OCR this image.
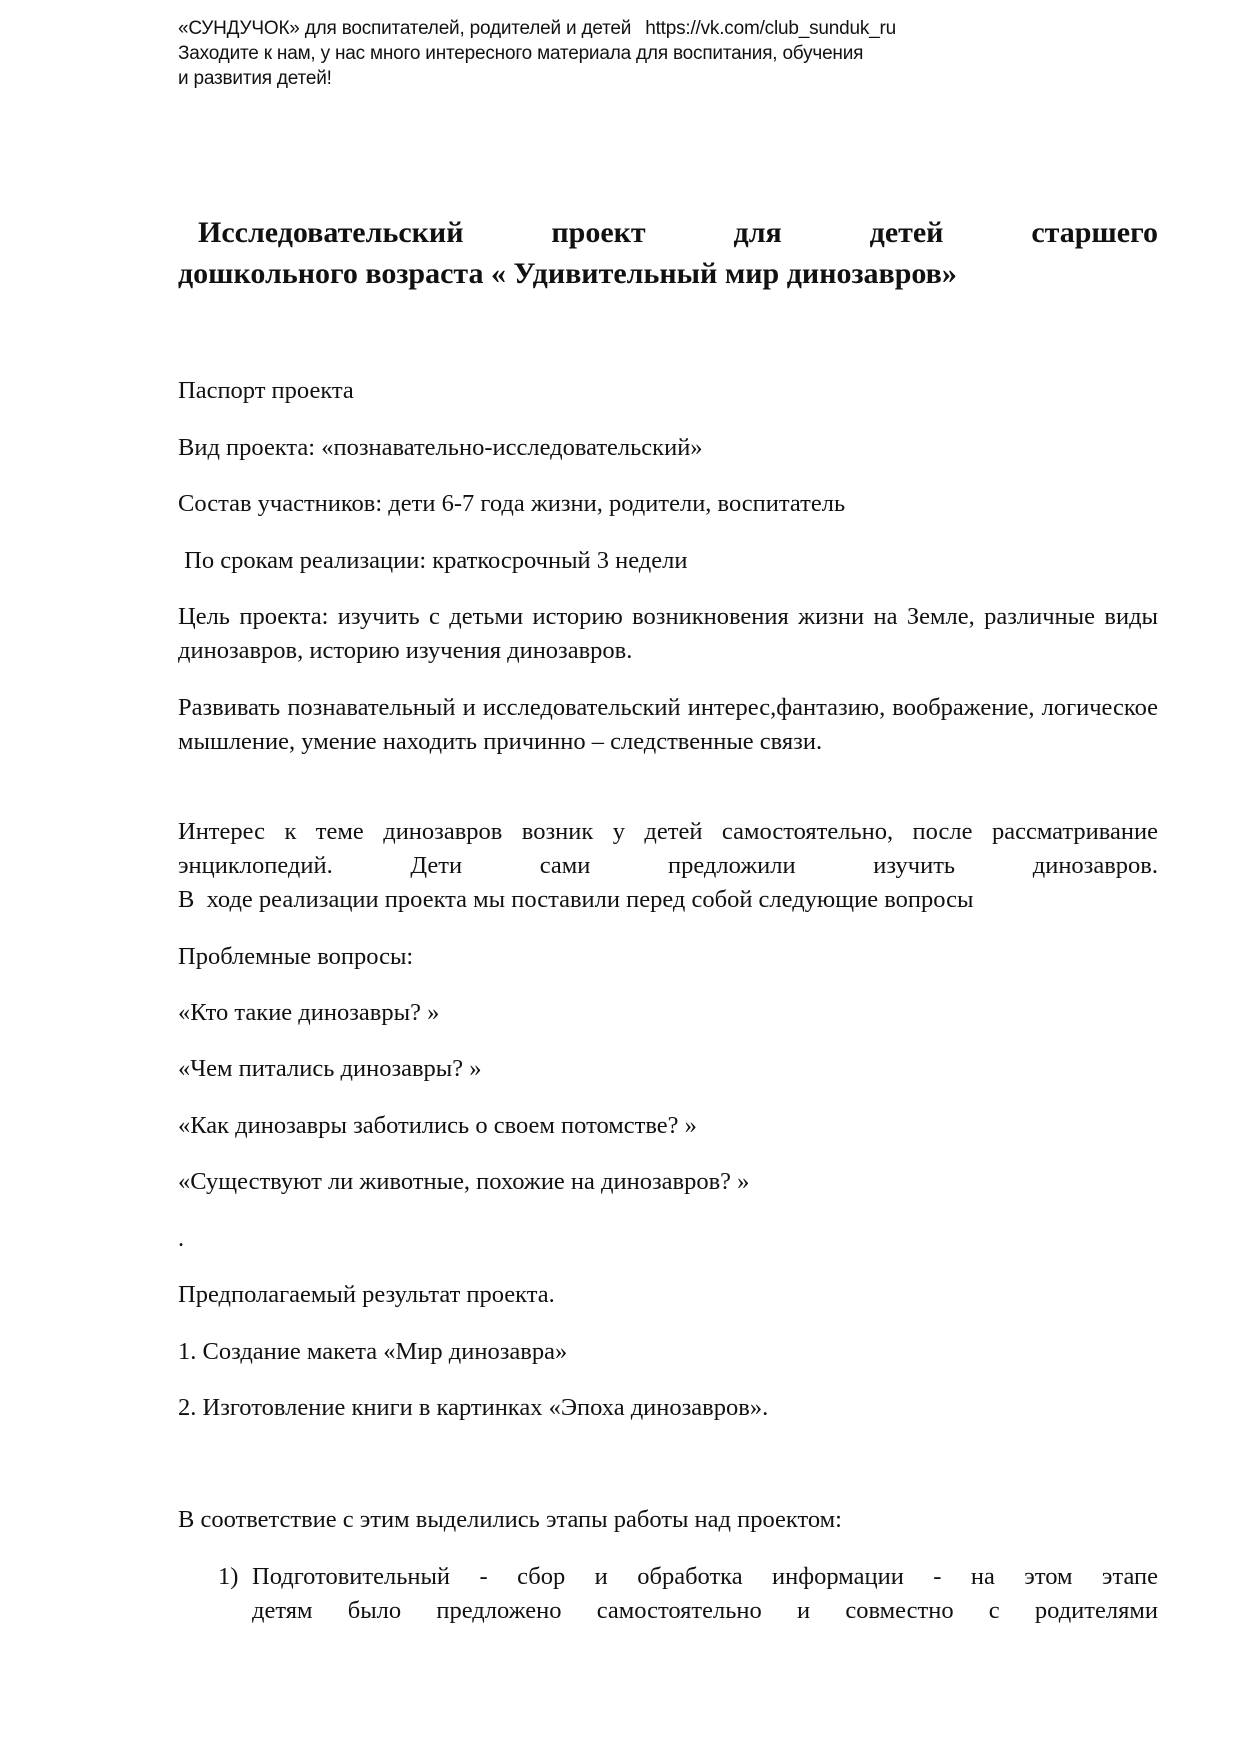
«СУНДУЧОК» для воспитателей, родителей и детей https://vk.com/club_sunduk_ru
Заходите к нам, у нас много интересного материала для воспитания, обучения
и развития детей!
Исследовательский	проект	для	детей	старшего
дошкольного возраста « Удивительный мир динозавров»

Паспорт проекта

Вид проекта: «познавательно-исследовательский»

Состав участников: дети 6-7 года жизни, родители, воспитатель

По срокам реализации: краткосрочный 3 недели

Цель проекта: изучить с детьми историю возникновения жизни на Земле, различные виды динозавров, историю изучения динозавров.

Развивать познавательный и исследовательский интерес,фантазию, воображение, логическое мышление, умение находить причинно – следственные связи.

Интерес к теме динозавров возник у детей самостоятельно, после рассматривание энциклопедий. Дети сами предложили изучить динозавров.

В  ходе реализации проекта мы поставили перед собой следующие вопросы

Проблемные вопросы:

«Кто такие динозавры? »

«Чем питались динозавры? »

«Как динозавры заботились о своем потомстве? »

«Существуют ли животные, похожие на динозавров? »

.

Предполагаемый результат проекта.

1. Создание макета «Мир динозавра»

2. Изготовление книги в картинках «Эпоха динозавров».

В соответствие с этим выделились этапы работы над проектом:

1) Подготовительный - сбор и обработка информации - на этом этапе
детям было предложено самостоятельно и совместно с родителями
